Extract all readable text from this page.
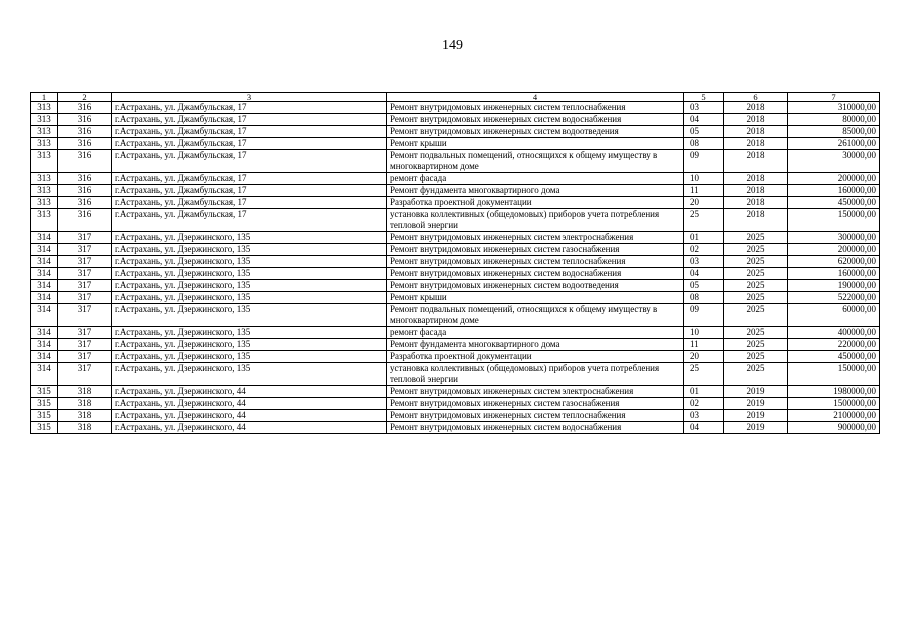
149
1	2	3	4	5	6	7
313	316	г.Астрахань, ул. Джамбульская, 17	Ремонт внутридомовых инженерных систем теплоснабжения	03	2018	310000,00
313	316	г.Астрахань, ул. Джамбульская, 17	Ремонт внутридомовых инженерных систем водоснабжения	04	2018	80000,00
313	316	г.Астрахань, ул. Джамбульская, 17	Ремонт внутридомовых инженерных систем водоотведения	05	2018	85000,00
313	316	г.Астрахань, ул. Джамбульская, 17	Ремонт крыши	08	2018	261000,00
313	316	г.Астрахань, ул. Джамбульская, 17	Ремонт подвальных помещений, относящихся к общему имуществу в многоквартирном доме	09	2018	30000,00
313	316	г.Астрахань, ул. Джамбульская, 17	ремонт фасада	10	2018	200000,00
313	316	г.Астрахань, ул. Джамбульская, 17	Ремонт фундамента многоквартирного дома	11	2018	160000,00
313	316	г.Астрахань, ул. Джамбульская, 17	Разработка проектной документации	20	2018	450000,00
313	316	г.Астрахань, ул. Джамбульская, 17	установка коллективных (общедомовых) приборов учета потребления тепловой энергии	25	2018	150000,00
314	317	г.Астрахань, ул. Дзержинского, 135	Ремонт внутридомовых инженерных систем электроснабжения	01	2025	300000,00
314	317	г.Астрахань, ул. Дзержинского, 135	Ремонт внутридомовых инженерных систем газоснабжения	02	2025	200000,00
314	317	г.Астрахань, ул. Дзержинского, 135	Ремонт внутридомовых инженерных систем теплоснабжения	03	2025	620000,00
314	317	г.Астрахань, ул. Дзержинского, 135	Ремонт внутридомовых инженерных систем водоснабжения	04	2025	160000,00
314	317	г.Астрахань, ул. Дзержинского, 135	Ремонт внутридомовых инженерных систем водоотведения	05	2025	190000,00
314	317	г.Астрахань, ул. Дзержинского, 135	Ремонт крыши	08	2025	522000,00
314	317	г.Астрахань, ул. Дзержинского, 135	Ремонт подвальных помещений, относящихся к общему имуществу в многоквартирном доме	09	2025	60000,00
314	317	г.Астрахань, ул. Дзержинского, 135	ремонт фасада	10	2025	400000,00
314	317	г.Астрахань, ул. Дзержинского, 135	Ремонт фундамента многоквартирного дома	11	2025	220000,00
314	317	г.Астрахань, ул. Дзержинского, 135	Разработка проектной документации	20	2025	450000,00
314	317	г.Астрахань, ул. Дзержинского, 135	установка коллективных (общедомовых) приборов учета потребления тепловой энергии	25	2025	150000,00
315	318	г.Астрахань, ул. Дзержинского, 44	Ремонт внутридомовых инженерных систем электроснабжения	01	2019	1980000,00
315	318	г.Астрахань, ул. Дзержинского, 44	Ремонт внутридомовых инженерных систем газоснабжения	02	2019	1500000,00
315	318	г.Астрахань, ул. Дзержинского, 44	Ремонт внутридомовых инженерных систем теплоснабжения	03	2019	2100000,00
315	318	г.Астрахань, ул. Дзержинского, 44	Ремонт внутридомовых инженерных систем водоснабжения	04	2019	900000,00
